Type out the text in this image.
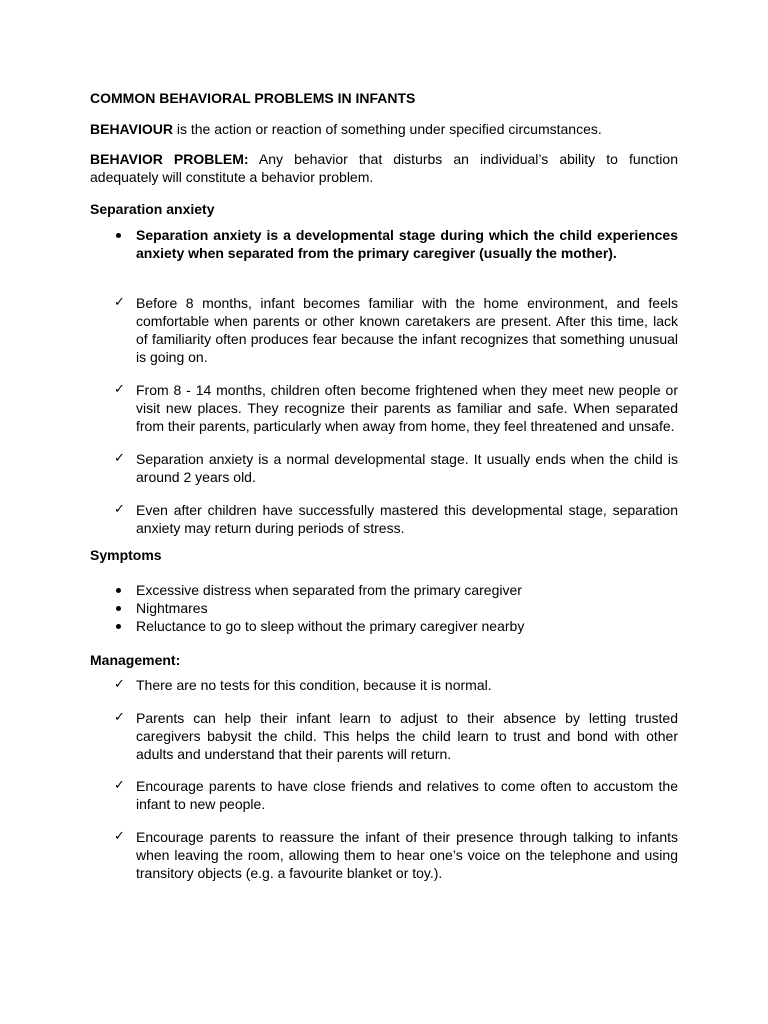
COMMON BEHAVIORAL PROBLEMS IN INFANTS

BEHAVIOUR is the action or reaction of something under specified circumstances.

BEHAVIOR PROBLEM: Any behavior that disturbs an individual’s ability to function adequately will constitute a behavior problem.

Separation anxiety

Separation anxiety is a developmental stage during which the child experiences anxiety when separated from the primary caregiver (usually the mother).
✓ Before 8 months, infant becomes familiar with the home environment, and feels comfortable when parents or other known caretakers are present. After this time, lack of familiarity often produces fear because the infant recognizes that something unusual is going on.
✓ From 8 - 14 months, children often become frightened when they meet new people or visit new places. They recognize their parents as familiar and safe. When separated from their parents, particularly when away from home, they feel threatened and unsafe.
✓ Separation anxiety is a normal developmental stage. It usually ends when the child is around 2 years old.
✓ Even after children have successfully mastered this developmental stage, separation anxiety may return during periods of stress.

Symptoms

Excessive distress when separated from the primary caregiver
Nightmares
Reluctance to go to sleep without the primary caregiver nearby

Management:

✓ There are no tests for this condition, because it is normal.
✓ Parents can help their infant learn to adjust to their absence by letting trusted caregivers babysit the child. This helps the child learn to trust and bond with other adults and understand that their parents will return.
✓ Encourage parents to have close friends and relatives to come often to accustom the infant to new people.
✓ Encourage parents to reassure the infant of their presence through talking to infants when leaving the room, allowing them to hear one’s voice on the telephone and using transitory objects (e.g. a favourite blanket or toy.).
